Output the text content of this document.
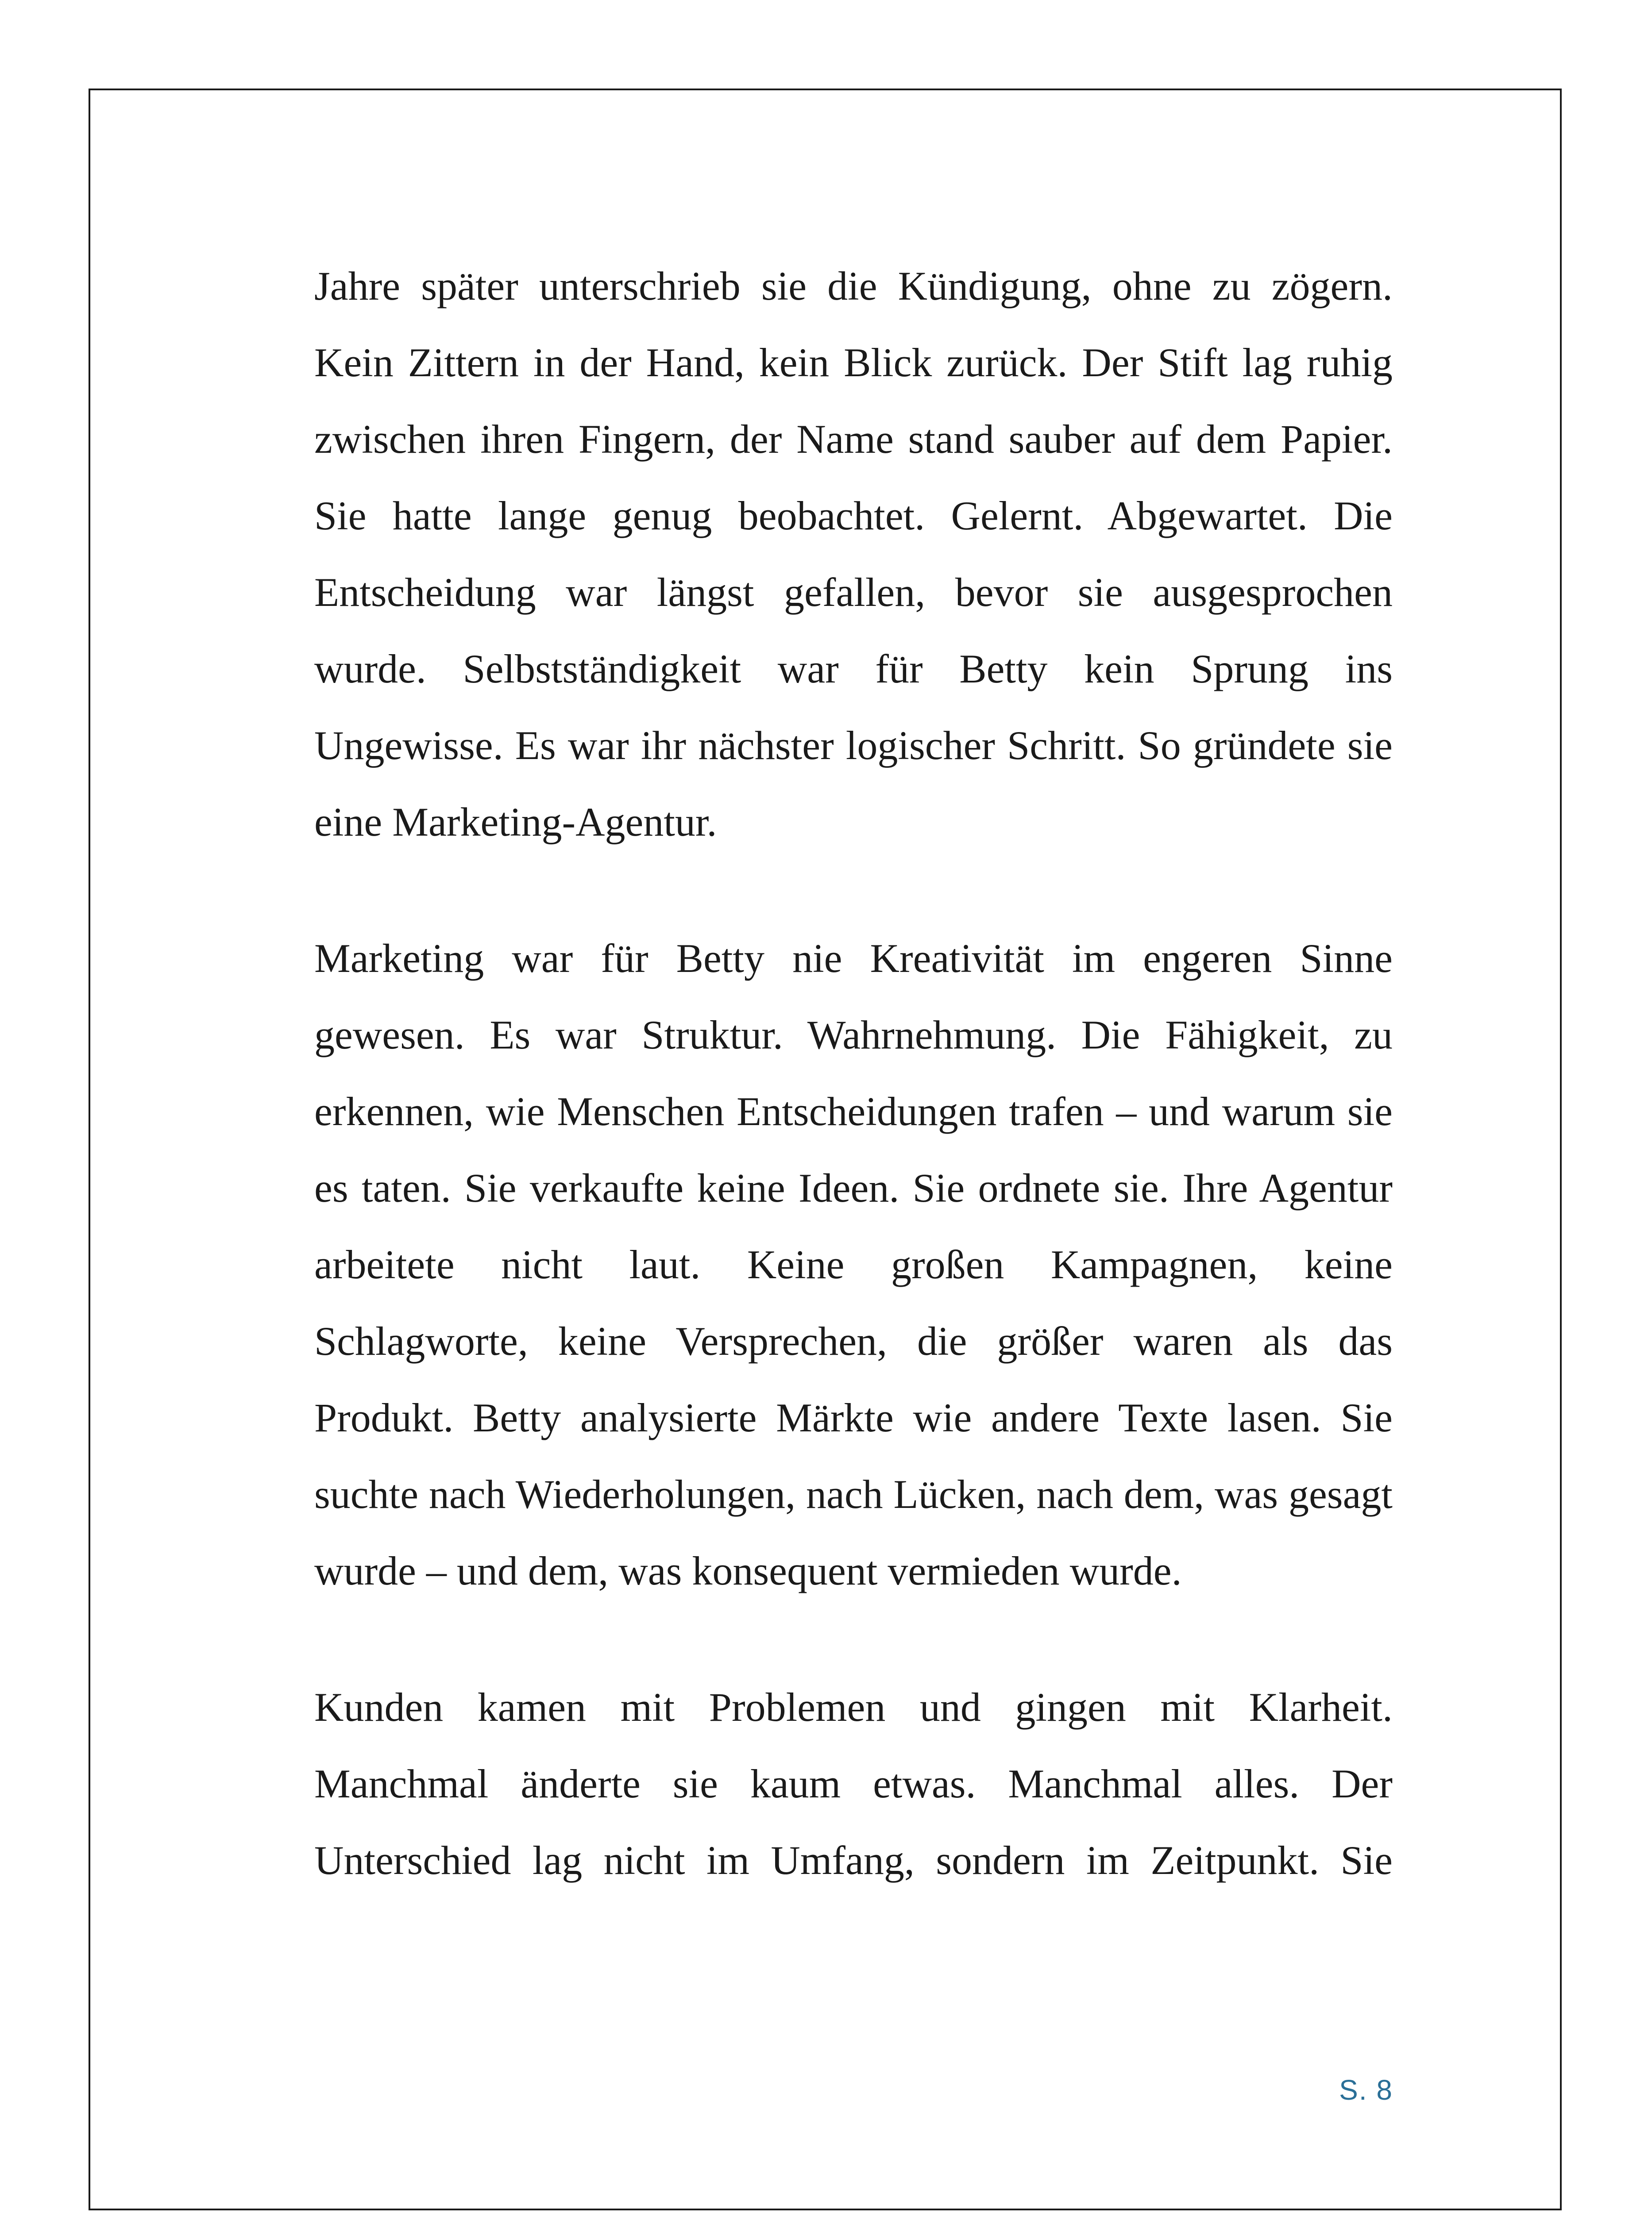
Jahre später unterschrieb sie die Kündigung, ohne zu zögern. Kein Zittern in der Hand, kein Blick zurück. Der Stift lag ruhig zwischen ihren Fingern, der Name stand sauber auf dem Papier. Sie hatte lange genug beobachtet. Gelernt. Abgewartet. Die Entscheidung war längst gefallen, bevor sie ausgesprochen wurde. Selbstständigkeit war für Betty kein Sprung ins Ungewisse. Es war ihr nächster logischer Schritt. So gründete sie eine Marketing-Agentur.

Marketing war für Betty nie Kreativität im engeren Sinne gewesen. Es war Struktur. Wahrnehmung. Die Fähigkeit, zu erkennen, wie Menschen Entscheidungen trafen – und warum sie es taten. Sie verkaufte keine Ideen. Sie ordnete sie. Ihre Agentur arbeitete nicht laut. Keine großen Kampagnen, keine Schlagworte, keine Versprechen, die größer waren als das Produkt. Betty analysierte Märkte wie andere Texte lasen. Sie suchte nach Wiederholungen, nach Lücken, nach dem, was gesagt wurde – und dem, was konsequent vermieden wurde.

Kunden kamen mit Problemen und gingen mit Klarheit. Manchmal änderte sie kaum etwas. Manchmal alles. Der Unterschied lag nicht im Umfang, sondern im Zeitpunkt. Sie

S. 8
